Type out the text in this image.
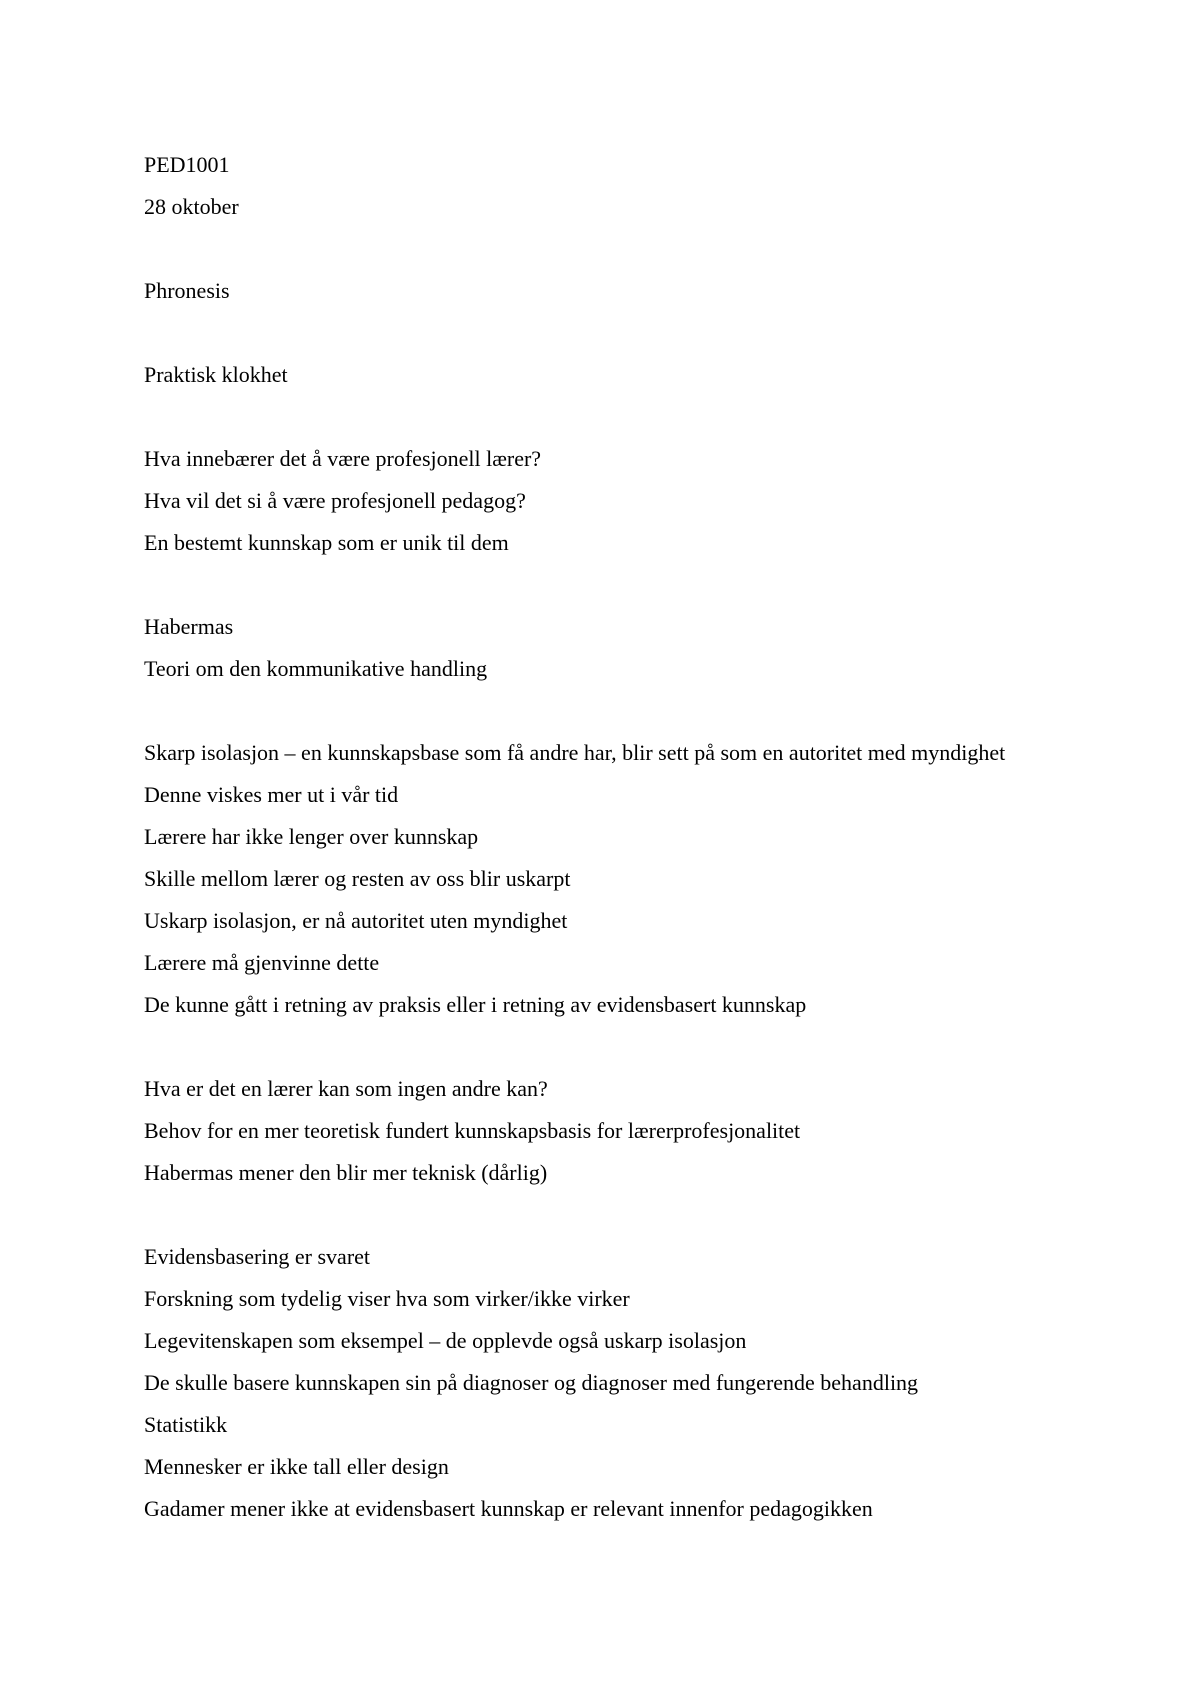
PED1001
28 oktober
Phronesis
Praktisk klokhet
Hva innebærer det å være profesjonell lærer?
Hva vil det si å være profesjonell pedagog?
En bestemt kunnskap som er unik til dem
Habermas
Teori om den kommunikative handling
Skarp isolasjon – en kunnskapsbase som få andre har, blir sett på som en autoritet med myndighet
Denne viskes mer ut i vår tid
Lærere har ikke lenger over kunnskap
Skille mellom lærer og resten av oss blir uskarpt
Uskarp isolasjon, er nå autoritet uten myndighet
Lærere må gjenvinne dette
De kunne gått i retning av praksis eller i retning av evidensbasert kunnskap
Hva er det en lærer kan som ingen andre kan?
Behov for en mer teoretisk fundert kunnskapsbasis for lærerprofesjonalitet
Habermas mener den blir mer teknisk (dårlig)
Evidensbasering er svaret
Forskning som tydelig viser hva som virker/ikke virker
Legevitenskapen som eksempel – de opplevde også uskarp isolasjon
De skulle basere kunnskapen sin på diagnoser og diagnoser med fungerende behandling
Statistikk
Mennesker er ikke tall eller design
Gadamer mener ikke at evidensbasert kunnskap er relevant innenfor pedagogikken
